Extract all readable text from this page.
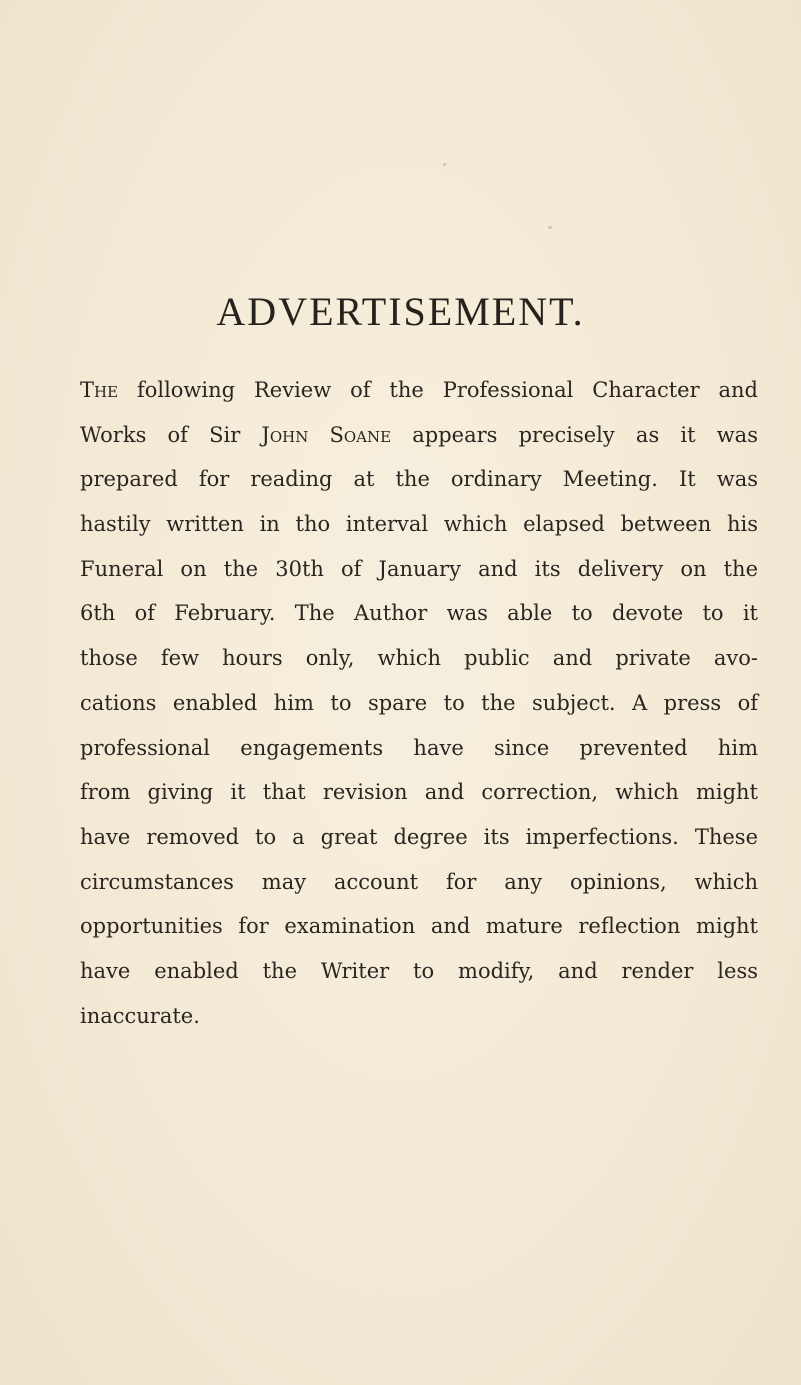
ADVERTISEMENT.
The following Review of the Professional Character and
Works of Sir John Soane appears precisely as it was
prepared for reading at the ordinary Meeting. It was
hastily written in tho interval which elapsed between his
Funeral on the 30th of January and its delivery on the
6th of February. The Author was able to devote to it
those few hours only, which public and private avo-
cations enabled him to spare to the subject. A press of
professional engagements have since prevented him
from giving it that revision and correction, which might
have removed to a great degree its imperfections. These
circumstances may account for any opinions, which
opportunities for examination and mature reflection might
have enabled the Writer to modify, and render less
inaccurate.
